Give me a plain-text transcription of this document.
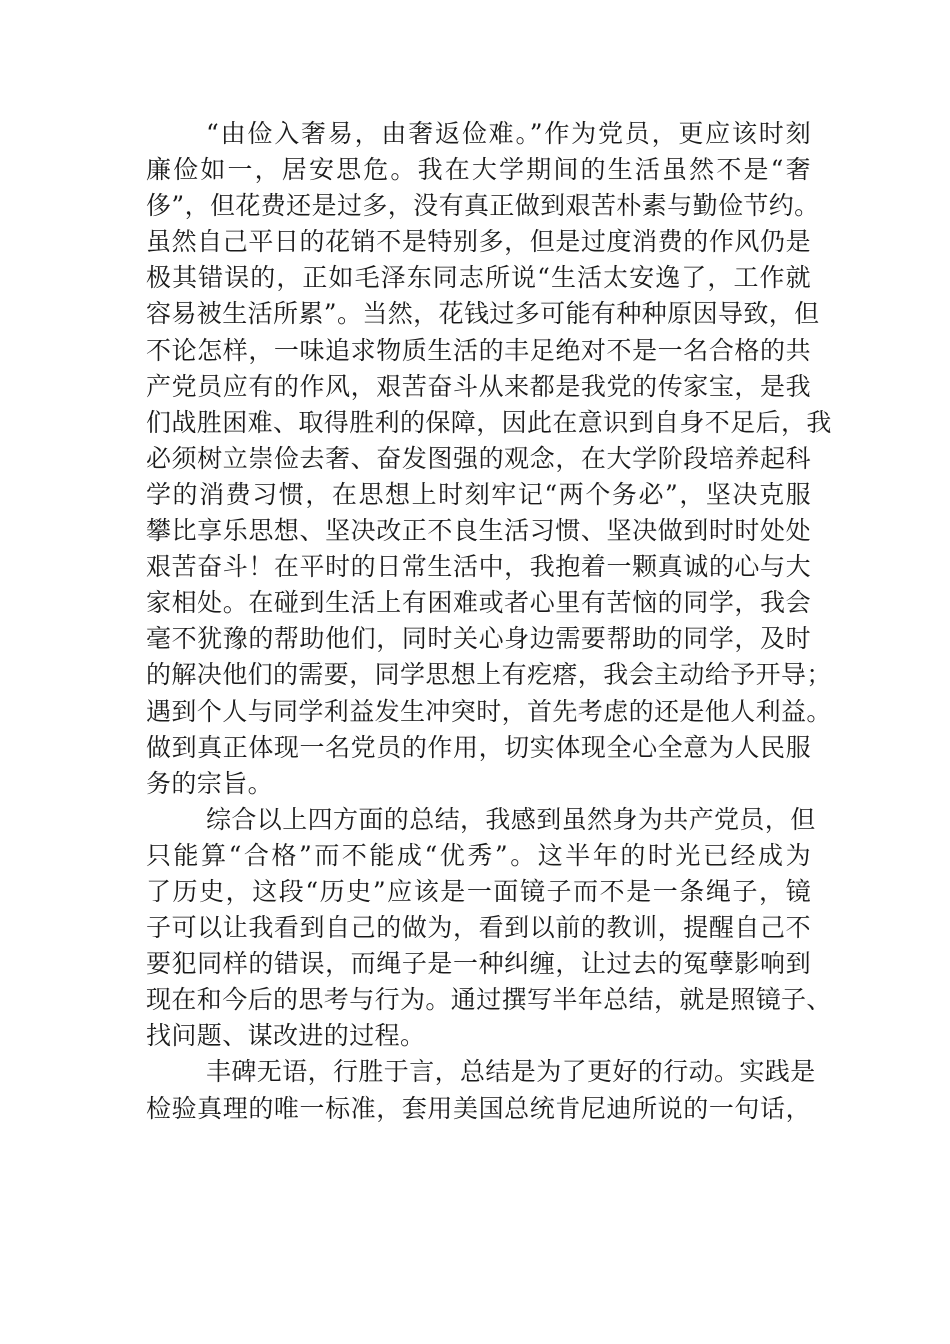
“由俭入奢易，由奢返俭难。”作为党员，更应该时刻
廉俭如一，居安思危。我在大学期间的生活虽然不是“奢
侈”，但花费还是过多，没有真正做到艰苦朴素与勤俭节约。
虽然自己平日的花销不是特别多，但是过度消费的作风仍是
极其错误的，正如毛泽东同志所说“生活太安逸了，工作就
容易被生活所累”。当然，花钱过多可能有种种原因导致，但
不论怎样，一味追求物质生活的丰足绝对不是一名合格的共
产党员应有的作风，艰苦奋斗从来都是我党的传家宝，是我
们战胜困难、取得胜利的保障，因此在意识到自身不足后，我
必须树立崇俭去奢、奋发图强的观念，在大学阶段培养起科
学的消费习惯，在思想上时刻牢记“两个务必”，坚决克服
攀比享乐思想、坚决改正不良生活习惯、坚决做到时时处处
艰苦奋斗！在平时的日常生活中，我抱着一颗真诚的心与大
家相处。在碰到生活上有困难或者心里有苦恼的同学，我会
毫不犹豫的帮助他们，同时关心身边需要帮助的同学，及时
的解决他们的需要，同学思想上有疙瘩，我会主动给予开导；
遇到个人与同学利益发生冲突时，首先考虑的还是他人利益。
做到真正体现一名党员的作用，切实体现全心全意为人民服
务的宗旨。
综合以上四方面的总结，我感到虽然身为共产党员，但
只能算“合格”而不能成“优秀”。这半年的时光已经成为
了历史，这段“历史”应该是一面镜子而不是一条绳子，镜
子可以让我看到自己的做为，看到以前的教训，提醒自己不
要犯同样的错误，而绳子是一种纠缠，让过去的冤孽影响到
现在和今后的思考与行为。通过撰写半年总结，就是照镜子、
找问题、谋改进的过程。
丰碑无语，行胜于言，总结是为了更好的行动。实践是
检验真理的唯一标准，套用美国总统肯尼迪所说的一句话，
